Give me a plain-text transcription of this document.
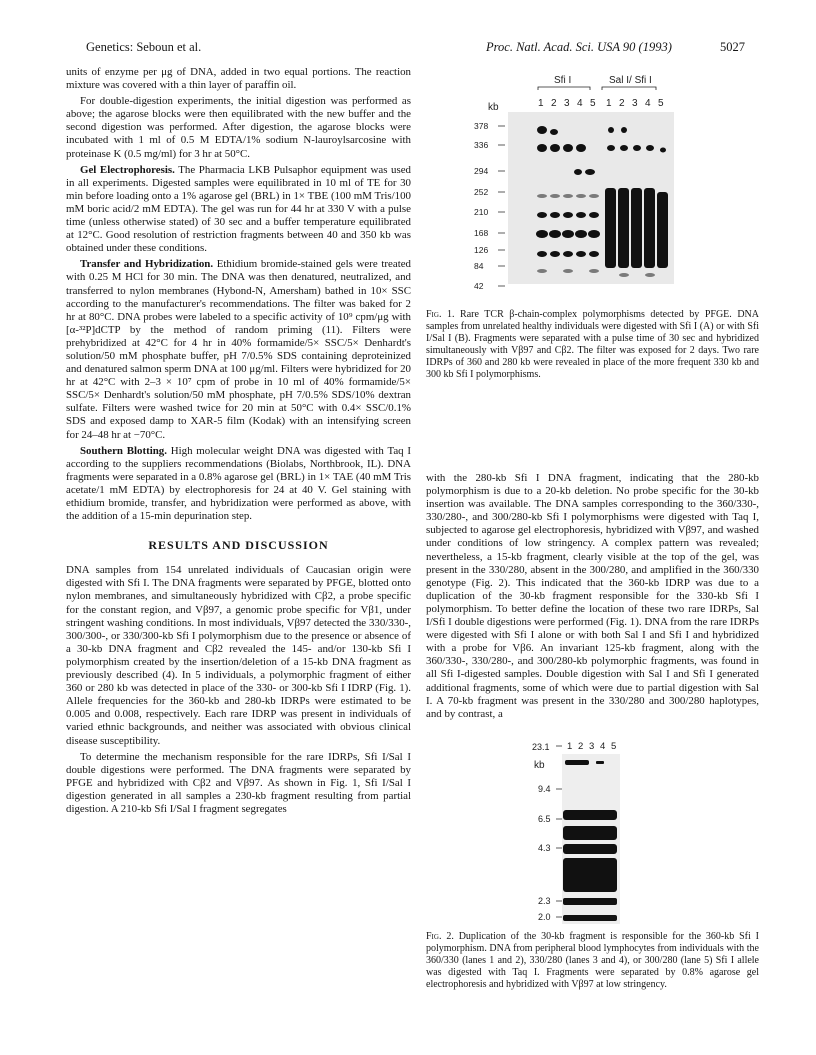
Genetics: Seboun et al.	Proc. Natl. Acad. Sci. USA 90 (1993)	5027

units of enzyme per μg of DNA, added in two equal portions. The reaction mixture was covered with a thin layer of paraffin oil.

For double-digestion experiments, the initial digestion was performed as above; the agarose blocks were then equilibrated with the new buffer and the second digestion was performed. After digestion, the agarose blocks were incubated with 1 ml of 0.5 M EDTA/1% sodium N-lauroylsarcosine with proteinase K (0.5 mg/ml) for 3 hr at 50°C.

Gel Electrophoresis. The Pharmacia LKB Pulsaphor equipment was used in all experiments. Digested samples were equilibrated in 10 ml of TE for 30 min before loading onto a 1% agarose gel (BRL) in 1× TBE (100 mM Tris/100 mM boric acid/2 mM EDTA). The gel was run for 44 hr at 330 V with a pulse time (unless otherwise stated) of 30 sec and a buffer temperature equilibrated at 12°C. Good resolution of restriction fragments between 40 and 350 kb was obtained under these conditions.

Transfer and Hybridization. Ethidium bromide-stained gels were treated with 0.25 M HCl for 30 min. The DNA was then denatured, neutralized, and transferred to nylon membranes (Hybond-N, Amersham) bathed in 10× SSC according to the manufacturer's recommendations. The filter was baked for 2 hr at 80°C. DNA probes were labeled to a specific activity of 10⁹ cpm/μg with [α-³²P]dCTP by the method of random priming (11). Filters were prehybridized at 42°C for 4 hr in 40% formamide/5× SSC/5× Denhardt's solution/50 mM phosphate buffer, pH 7/0.5% SDS containing deproteinized and denatured salmon sperm DNA at 100 μg/ml. Filters were hybridized for 20 hr at 42°C with 2–3 × 10⁷ cpm of probe in 10 ml of 40% formamide/5× SSC/5× Denhardt's solution/50 mM phosphate, pH 7/0.5% SDS/10% dextran sulfate. Filters were washed twice for 20 min at 50°C with 0.4× SSC/0.1% SDS and exposed damp to XAR-5 film (Kodak) with an intensifying screen for 24–48 hr at −70°C.

Southern Blotting. High molecular weight DNA was digested with Taq I according to the suppliers recommendations (Biolabs, Northbrook, IL). DNA fragments were separated in a 0.8% agarose gel (BRL) in 1× TAE (40 mM Tris acetate/1 mM EDTA) by electrophoresis for 24 at 40 V. Gel staining with ethidium bromide, transfer, and hybridization were performed as above, with the addition of a 15-min depurination step.

RESULTS AND DISCUSSION

DNA samples from 154 unrelated individuals of Caucasian origin were digested with Sfi I. The DNA fragments were separated by PFGE, blotted onto nylon membranes, and simultaneously hybridized with Cβ2, a probe specific for the constant region, and Vβ97, a genomic probe specific for Vβ1, under stringent washing conditions. In most individuals, Vβ97 detected the 330/330-, 300/300-, or 330/300-kb Sfi I polymorphism due to the presence or absence of a 30-kb DNA fragment and Cβ2 revealed the 145- and/or 130-kb Sfi I polymorphism created by the insertion/deletion of a 15-kb DNA fragment as previously described (4). In 5 individuals, a polymorphic fragment of either 360 or 280 kb was detected in place of the 330- or 300-kb Sfi I IDRP (Fig. 1). Allele frequencies for the 360-kb and 280-kb IDRPs were estimated to be 0.005 and 0.008, respectively. Each rare IDRP was present in individuals of varied ethnic backgrounds, and neither was associated with obvious clinical disease susceptibility.

To determine the mechanism responsible for the rare IDRPs, Sfi I/Sal I double digestions were performed. The DNA fragments were separated by PFGE and hybridized with Cβ2 and Vβ97. As shown in Fig. 1, Sfi I/Sal I digestion generated in all samples a 230-kb fragment resulting from partial digestion. A 210-kb Sfi I/Sal I fragment segregates

Sfi I	Sal I/ Sfi I
1 2 3 4 5 1 2 3 4 5
kb
378
336
294
252
210
168
126
84
42
Fig. 1. Rare TCR β-chain-complex polymorphisms detected by PFGE. DNA samples from unrelated healthy individuals were digested with Sfi I (A) or with Sfi I/Sal I (B). Fragments were separated with a pulse time of 30 sec and hybridized simultaneously with Vβ97 and Cβ2. The filter was exposed for 2 days. Two rare IDRPs of 360 and 280 kb were revealed in place of the more frequent 330 kb and 300 kb Sfi I polymorphisms.

with the 280-kb Sfi I DNA fragment, indicating that the 280-kb polymorphism is due to a 20-kb deletion. No probe specific for the 30-kb insertion was available. The DNA samples corresponding to the 360/330-, 330/280-, and 300/280-kb Sfi I polymorphisms were digested with Taq I, subjected to agarose gel electrophoresis, hybridized with Vβ97, and washed under conditions of low stringency. A complex pattern was revealed; nevertheless, a 15-kb fragment, clearly visible at the top of the gel, was present in the 330/280, absent in the 300/280, and amplified in the 360/330 genotype (Fig. 2). This indicated that the 360-kb IDRP was due to a duplication of the 30-kb fragment responsible for the 330-kb Sfi I polymorphism. To better define the location of these two rare IDRPs, Sal I/Sfi I double digestions were performed (Fig. 1). DNA from the rare IDRPs were digested with Sfi I alone or with both Sal I and Sfi I and hybridized with a probe for Vβ6. An invariant 125-kb fragment, along with the 360/330-, 330/280-, and 300/280-kb polymorphic fragments, was found in all Sfi I-digested samples. Double digestion with Sal I and Sfi I generated additional fragments, some of which were due to partial digestion with Sal I. A 70-kb fragment was present in the 330/280 and 300/280 haplotypes, and by contrast, a

1 2 3 4 5
kb
23.1
9.4
6.5
4.3
2.3
2.0
Fig. 2. Duplication of the 30-kb fragment is responsible for the 360-kb Sfi I polymorphism. DNA from peripheral blood lymphocytes from individuals with the 360/330 (lanes 1 and 2), 330/280 (lanes 3 and 4), or 300/280 (lane 5) Sfi I allele was digested with Taq I. Fragments were separated by 0.8% agarose gel electrophoresis and hybridized with Vβ97 at low stringency.
